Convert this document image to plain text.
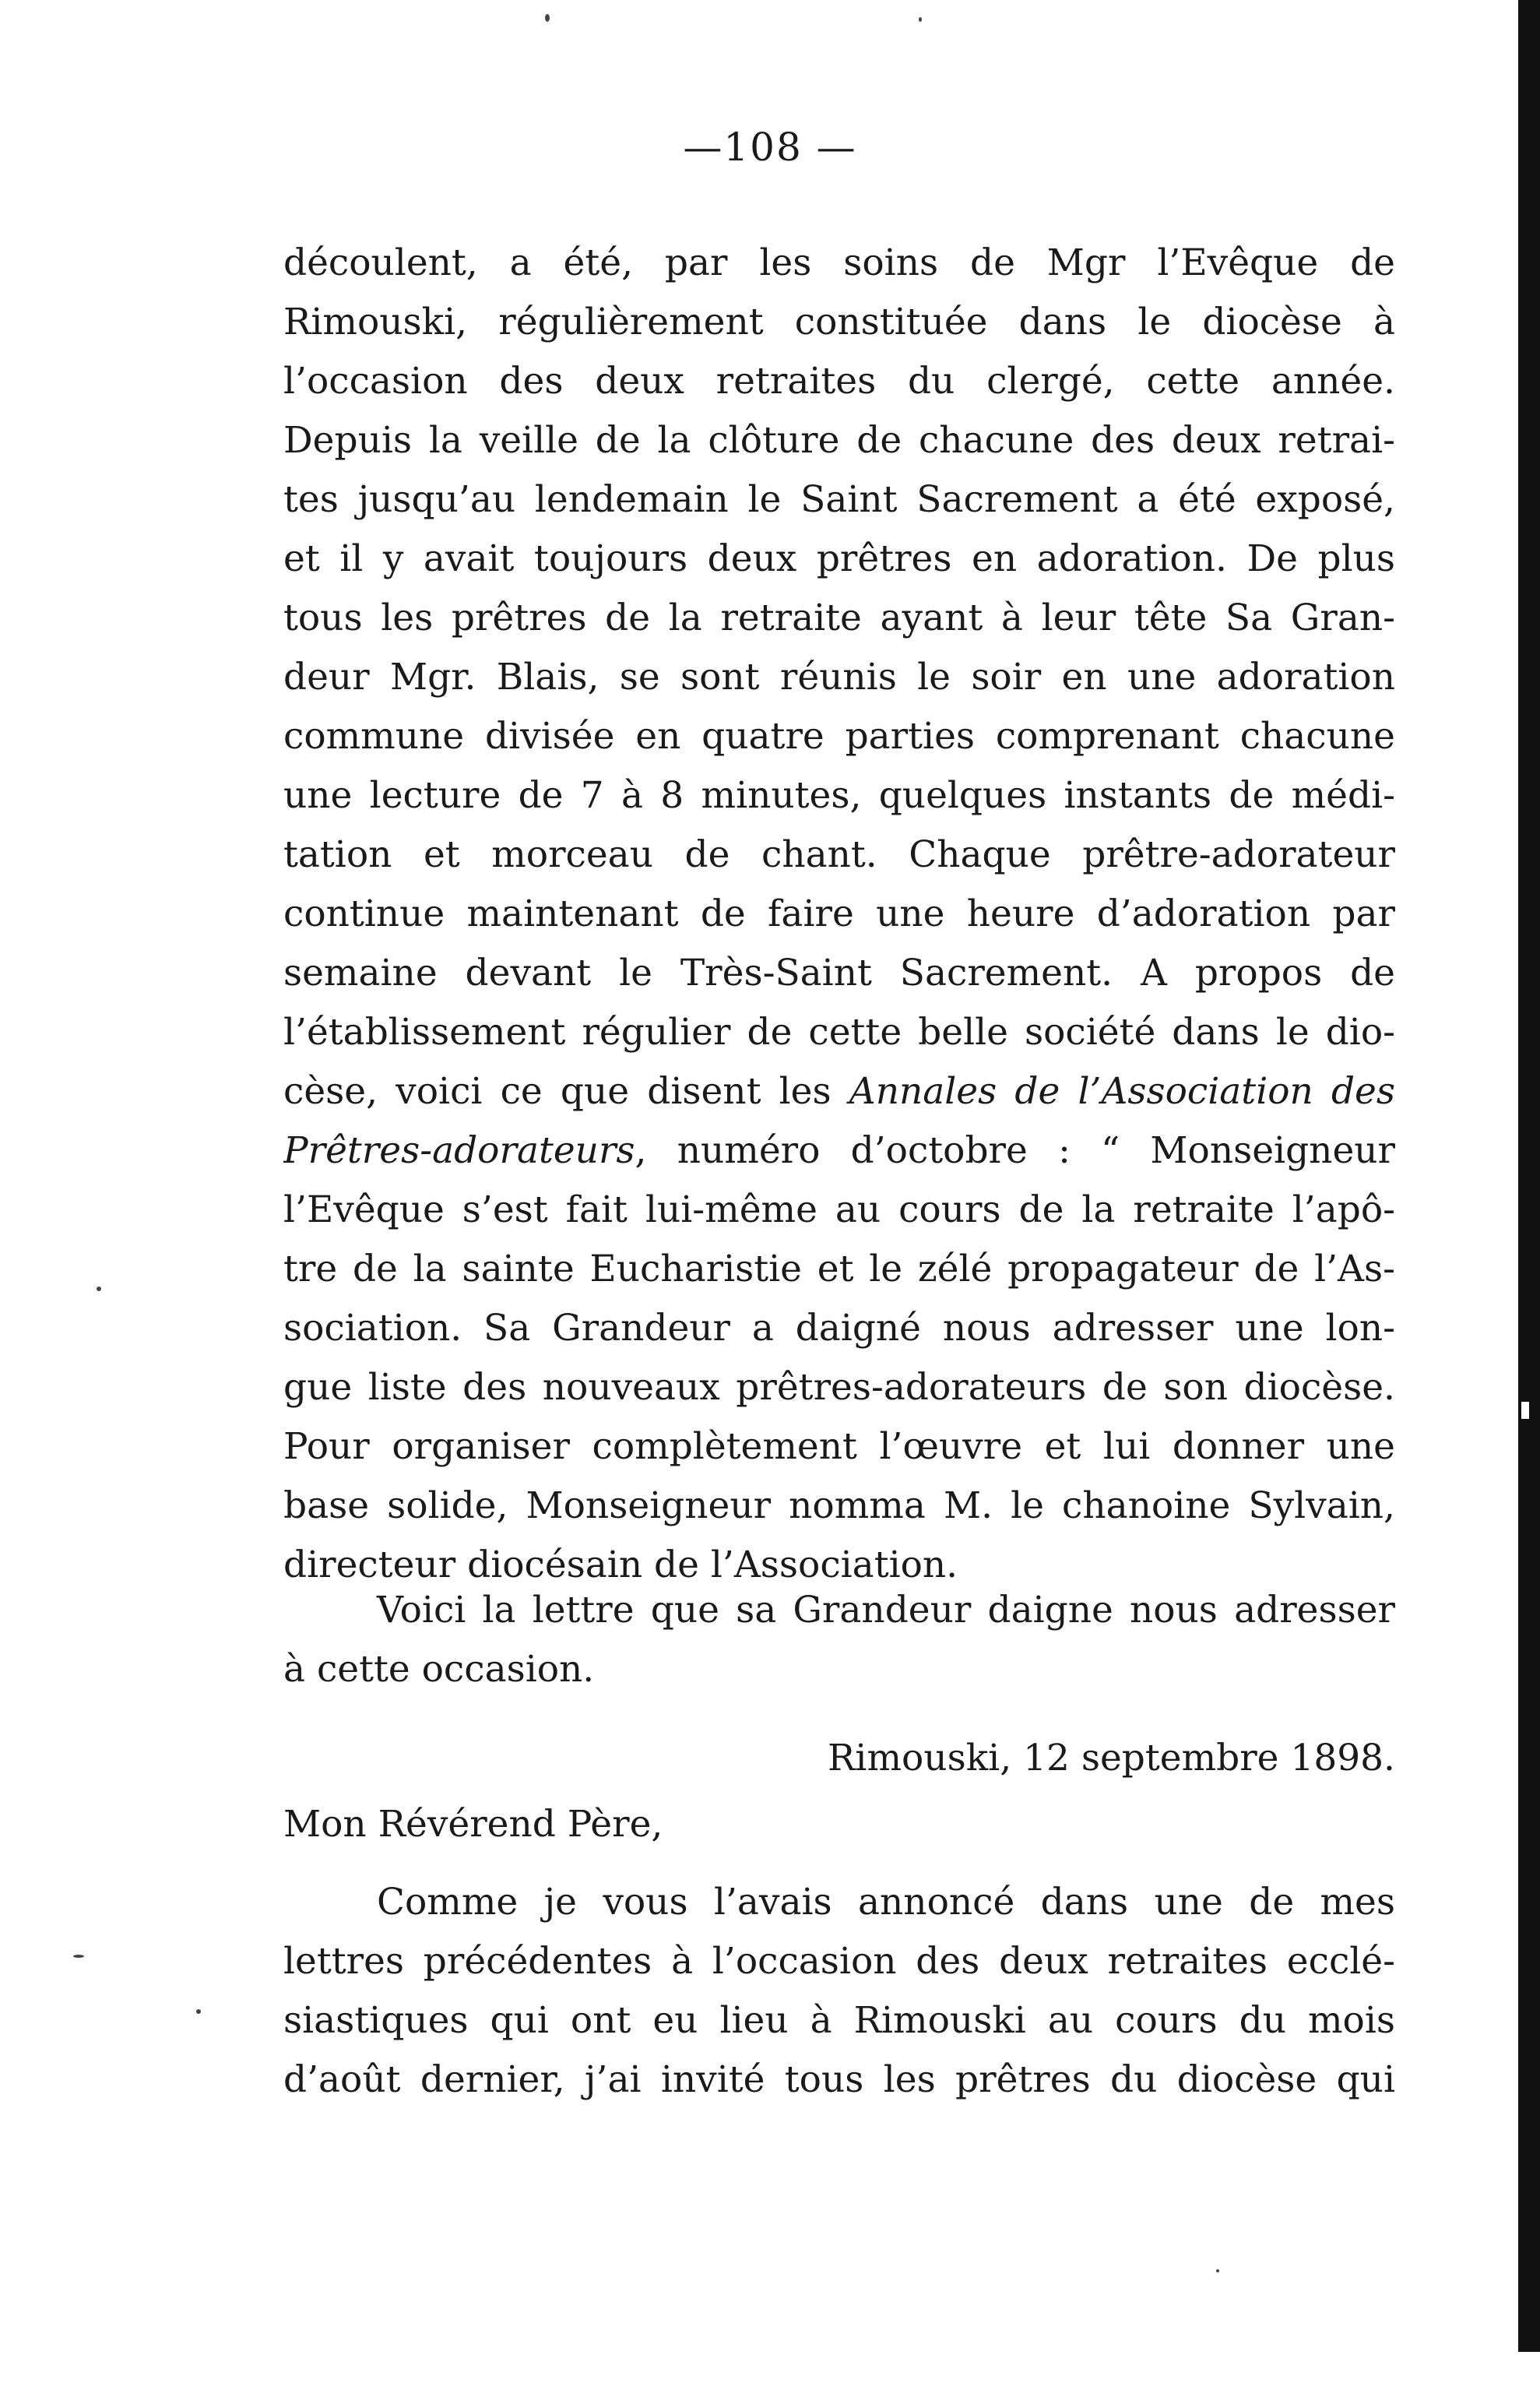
—108 —
découlent, a été, par les soins de Mgr l’Evêque de
Rimouski, régulièrement constituée dans le diocèse à
l’occasion des deux retraites du clergé, cette année.
Depuis la veille de la clôture de chacune des deux retrai-
tes jusqu’au lendemain le Saint Sacrement a été exposé,
et il y avait toujours deux prêtres en adoration. De plus
tous les prêtres de la retraite ayant à leur tête Sa Gran-
deur Mgr. Blais, se sont réunis le soir en une adoration
commune divisée en quatre parties comprenant chacune
une lecture de 7 à 8 minutes, quelques instants de médi-
tation et morceau de chant. Chaque prêtre-adorateur
continue maintenant de faire une heure d’adoration par
semaine devant le Très-Saint Sacrement. A propos de
l’établissement régulier de cette belle société dans le dio-
cèse, voici ce que disent les Annales de l’Association des
Prêtres-adorateurs, numéro d’octobre : “ Monseigneur
l’Evêque s’est fait lui-même au cours de la retraite l’apô-
tre de la sainte Eucharistie et le zélé propagateur de l’As-
sociation. Sa Grandeur a daigné nous adresser une lon-
gue liste des nouveaux prêtres-adorateurs de son diocèse.
Pour organiser complètement l’œuvre et lui donner une
base solide, Monseigneur nomma M. le chanoine Sylvain,
directeur diocésain de l’Association.
Voici la lettre que sa Grandeur daigne nous adresser
à cette occasion.
Rimouski, 12 septembre 1898.
Mon Révérend Père,
Comme je vous l’avais annoncé dans une de mes
lettres précédentes à l’occasion des deux retraites ecclé-
siastiques qui ont eu lieu à Rimouski au cours du mois
d’août dernier, j’ai invité tous les prêtres du diocèse qui
